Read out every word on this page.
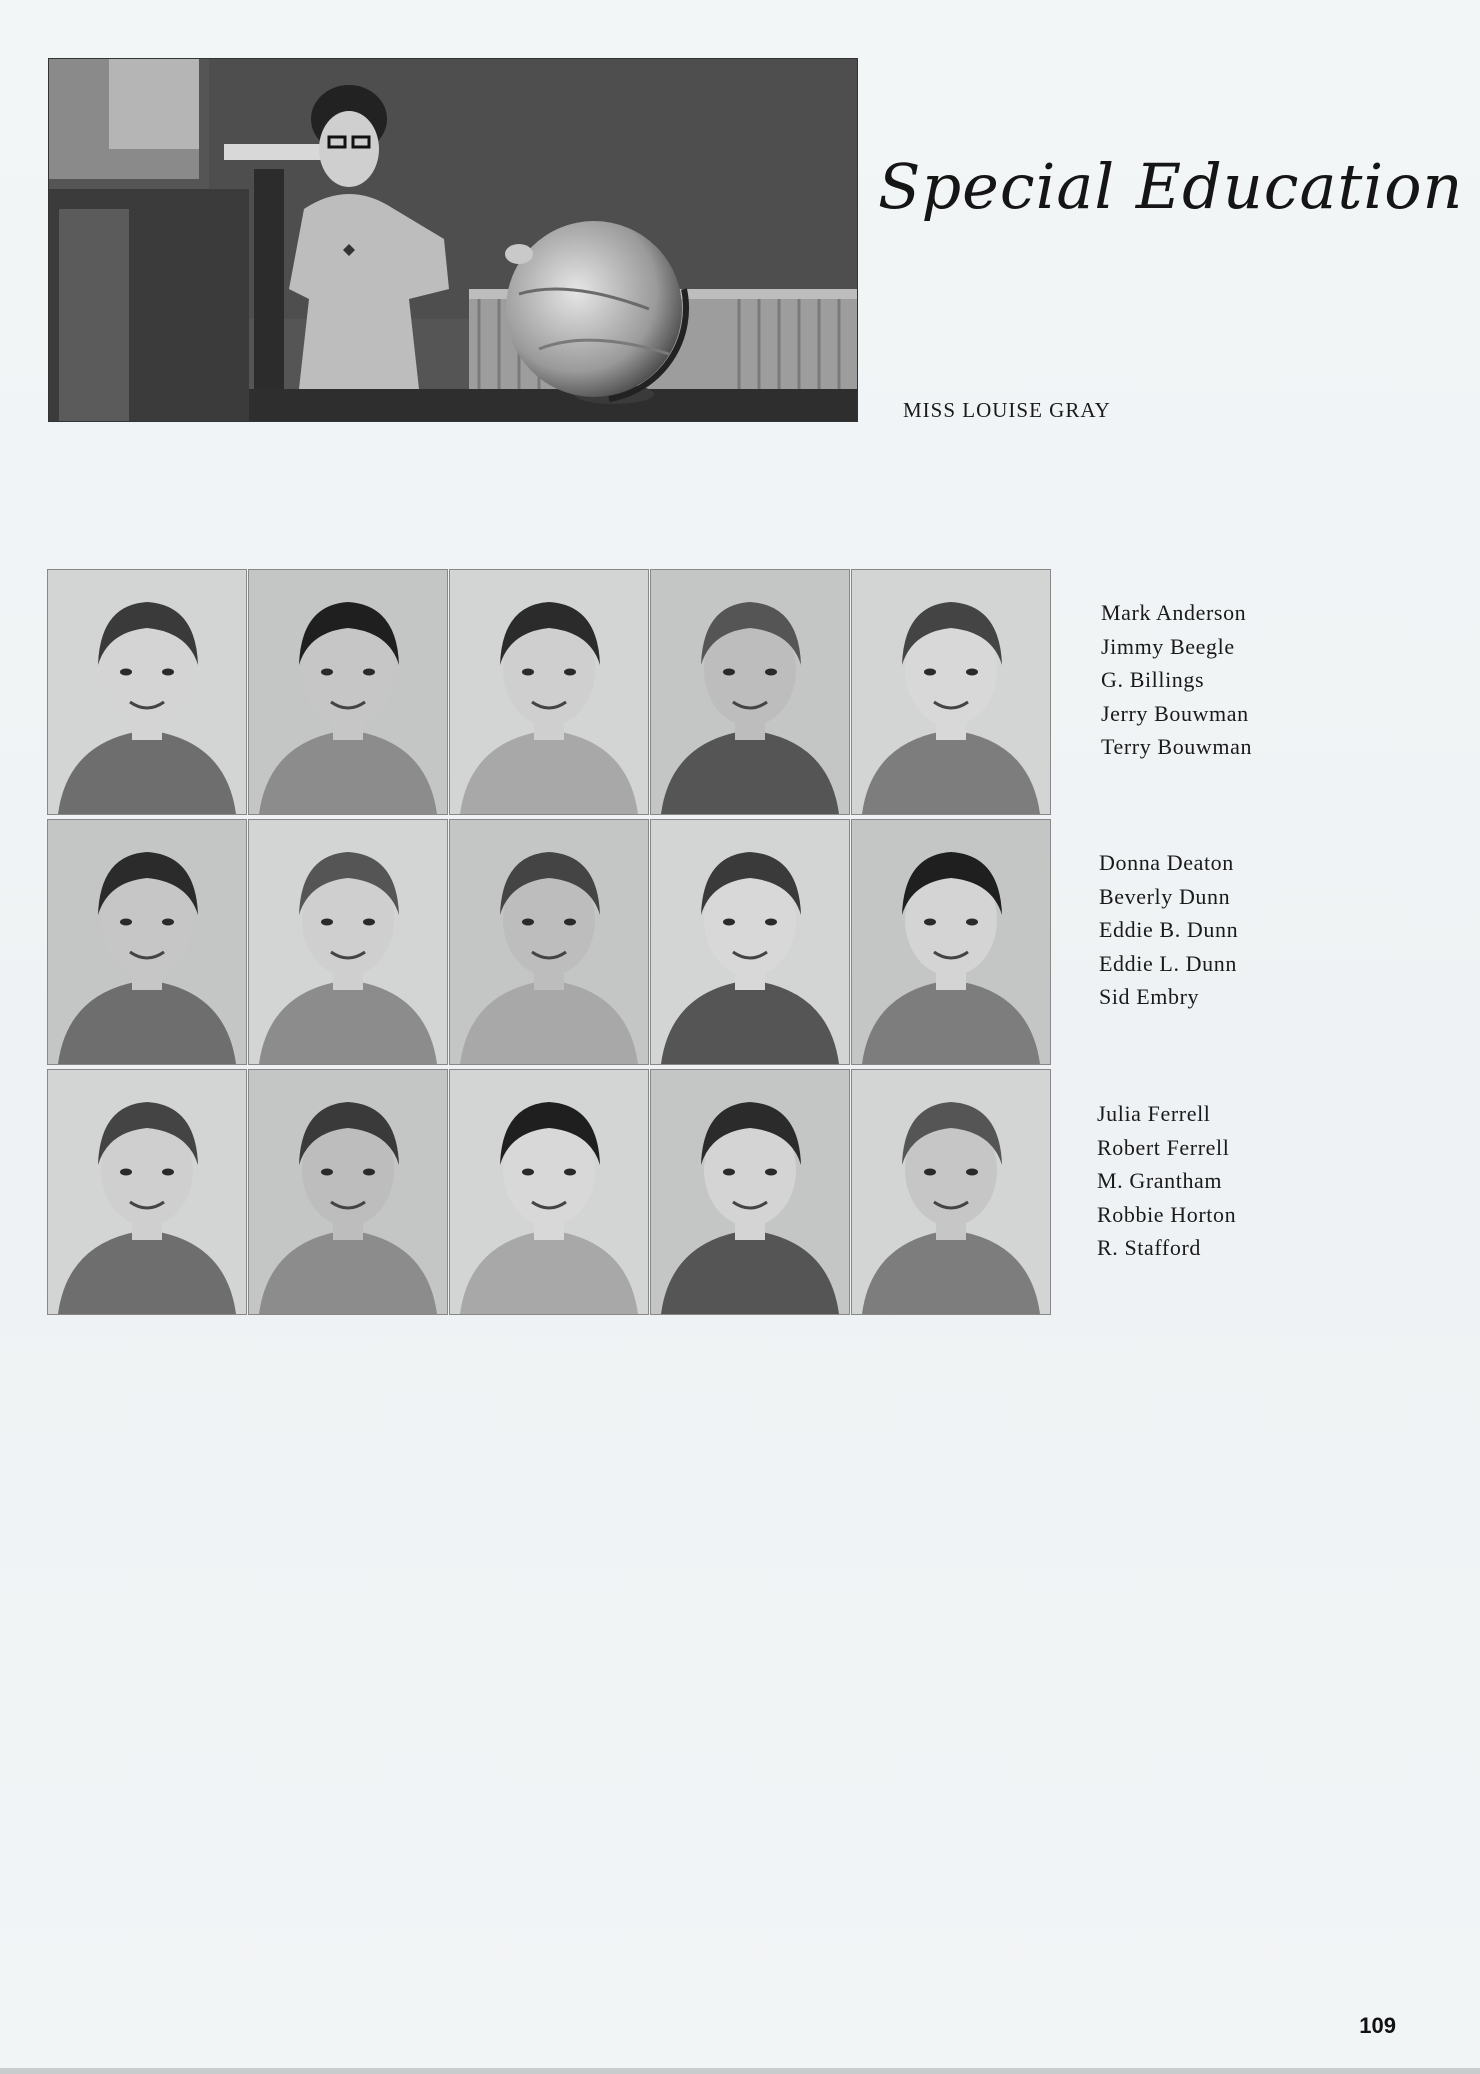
Special Education
MISS LOUISE GRAY
Mark Anderson
Jimmy Beegle
G. Billings
Jerry Bouwman
Terry Bouwman
Donna Deaton
Beverly Dunn
Eddie B. Dunn
Eddie L. Dunn
Sid Embry
Julia Ferrell
Robert Ferrell
M. Grantham
Robbie Horton
R. Stafford
109
